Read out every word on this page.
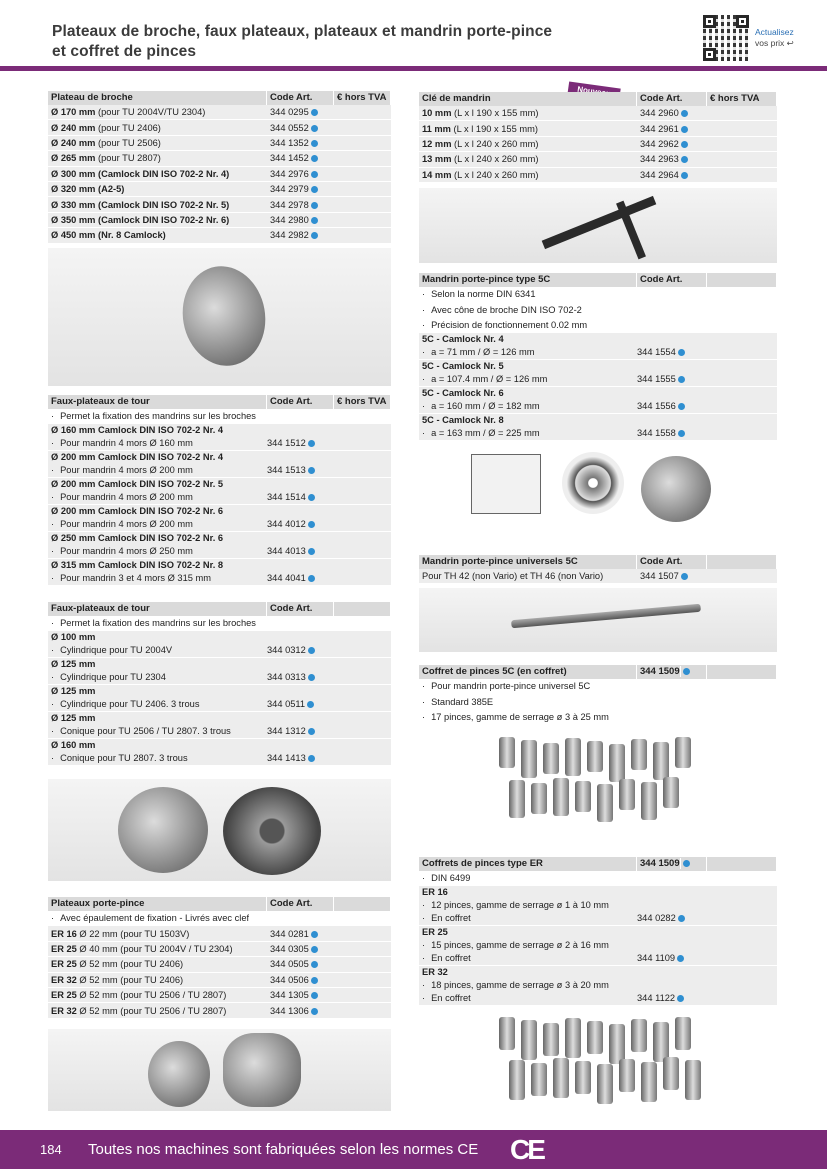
Plateaux de broche, faux plateaux, plateaux et mandrin porte-pince
et coffret de pinces
Actualisez
vos prix ↩
Plateau de broche	Code Art.	€ hors TVA
Ø 170 mm (pour TU 2004V/TU 2304)	344 0295
Ø 240 mm (pour TU 2406)	344 0552
Ø 240 mm (pour TU 2506)	344 1352
Ø 265 mm (pour TU 2807)	344 1452
Ø 300 mm (Camlock DIN ISO 702-2 Nr. 4)	344 2976
Ø 320 mm (A2-5)	344 2979
Ø 330 mm (Camlock DIN ISO 702-2 Nr. 5)	344 2978
Ø 350 mm (Camlock DIN ISO 702-2 Nr. 6)	344 2980
Ø 450 mm (Nr. 8 Camlock)	344 2982
Faux-plateaux de tour	Code Art.	€ hors TVA
· Permet la fixation des mandrins sur les broches
Ø 160 mm Camlock DIN ISO 702-2 Nr. 4
· Pour mandrin 4 mors Ø 160 mm	344 1512
Ø 200 mm Camlock DIN ISO 702-2 Nr. 4
· Pour mandrin 4 mors Ø 200 mm	344 1513
Ø 200 mm Camlock DIN ISO 702-2 Nr. 5
· Pour mandrin 4 mors Ø 200 mm	344 1514
Ø 200 mm Camlock DIN ISO 702-2 Nr. 6
· Pour mandrin 4 mors Ø 200 mm	344 4012
Ø 250 mm Camlock DIN ISO 702-2 Nr. 6
· Pour mandrin 4 mors Ø 250 mm	344 4013
Ø 315 mm Camlock DIN ISO 702-2 Nr. 8
· Pour mandrin 3 et 4 mors Ø 315 mm	344 4041
Faux-plateaux de tour	Code Art.
· Permet la fixation des mandrins sur les broches
Ø 100 mm
· Cylindrique pour TU 2004V	344 0312
Ø 125 mm
· Cylindrique pour TU 2304	344 0313
Ø 125 mm
· Cylindrique pour TU 2406. 3 trous	344 0511
Ø 125 mm
· Conique pour TU 2506 / TU 2807. 3 trous	344 1312
Ø 160 mm
· Conique pour TU 2807. 3 trous	344 1413
Plateaux porte-pince	Code Art.
· Avec épaulement de fixation - Livrés avec clef
ER 16 Ø 22 mm (pour TU 1503V)	344 0281
ER 25 Ø 40 mm (pour TU 2004V / TU 2304)	344 0305
ER 25 Ø 52 mm (pour TU 2406)	344 0505
ER 32 Ø 52 mm (pour TU 2406)	344 0506
ER 25 Ø 52 mm (pour TU 2506 / TU 2807)	344 1305
ER 32 Ø 52 mm (pour TU 2506 / TU 2807)	344 1306
Clé de mandrin	Code Art.	€ hors TVA
10 mm (L x l 190 x 155 mm)	344 2960
11 mm (L x l 190 x 155 mm)	344 2961
12 mm (L x l 240 x 260 mm)	344 2962
13 mm (L x l 240 x 260 mm)	344 2963
14 mm (L x l 240 x 260 mm)	344 2964
Mandrin porte-pince type 5C	Code Art.
· Selon la norme DIN 6341
· Avec cône de broche DIN ISO 702-2
· Précision de fonctionnement 0.02 mm
5C - Camlock Nr. 4
· a = 71 mm / Ø = 126 mm	344 1554
5C - Camlock Nr. 5
· a = 107.4 mm / Ø = 126 mm	344 1555
5C - Camlock Nr. 6
· a = 160 mm / Ø = 182 mm	344 1556
5C - Camlock Nr. 8
· a = 163 mm / Ø = 225 mm	344 1558
Mandrin porte-pince universels 5C	Code Art.
Pour TH 42 (non Vario) et TH 46 (non Vario)	344 1507
Coffret de pinces 5C (en coffret)	344 1509
· Pour mandrin porte-pince universel 5C
· Standard 385E
· 17 pinces, gamme de serrage ø 3 à 25 mm
Coffrets de pinces type ER	344 1509
· DIN 6499
ER 16
· 12 pinces, gamme de serrage ø 1 à 10 mm
· En coffret	344 0282
ER 25
· 15 pinces, gamme de serrage ø 2 à 16 mm
· En coffret	344 1109
ER 32
· 18 pinces, gamme de serrage ø 3 à 20 mm
· En coffret	344 1122
184 Toutes nos machines sont fabriquées selon les normes CE CE
